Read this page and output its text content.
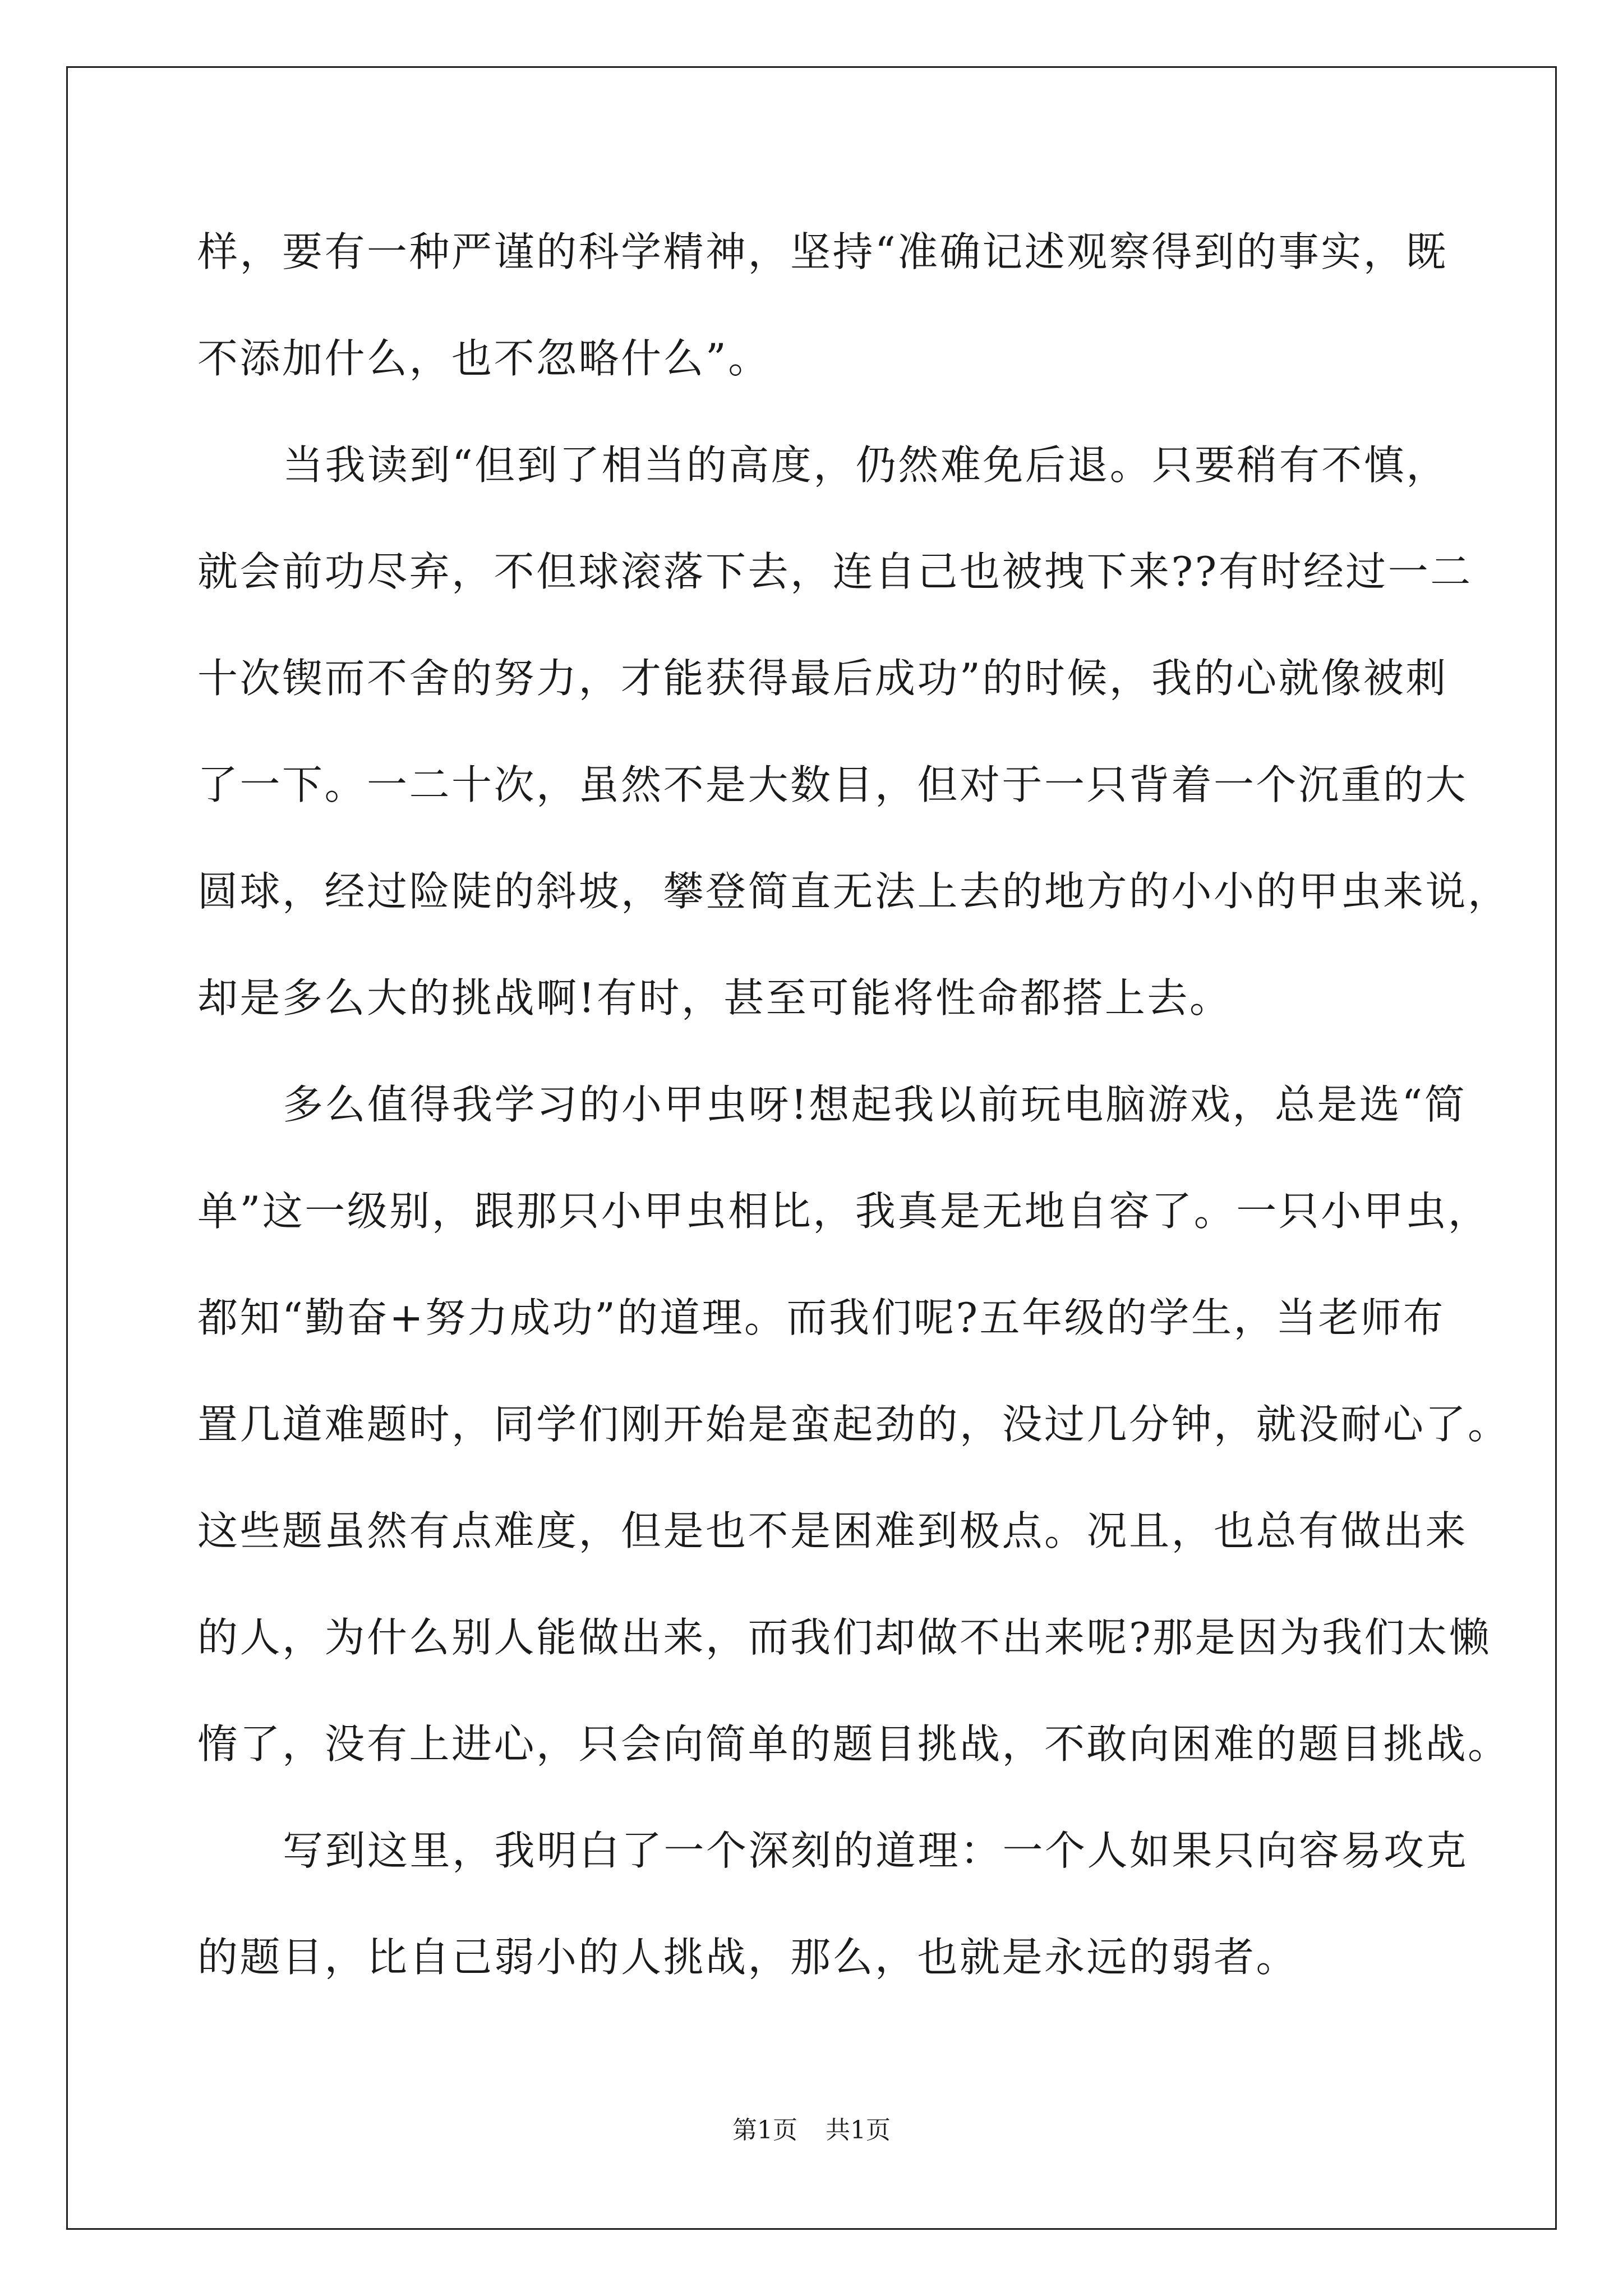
样，要有一种严谨的科学精神，坚持“准确记述观察得到的事实，既
不添加什么，也不忽略什么”。
当我读到“但到了相当的高度，仍然难免后退。只要稍有不慎，
就会前功尽弃，不但球滚落下去，连自己也被拽下来??有时经过一二
十次锲而不舍的努力，才能获得最后成功”的时候，我的心就像被刺
了一下。一二十次，虽然不是大数目，但对于一只背着一个沉重的大
圆球，经过险陡的斜坡，攀登简直无法上去的地方的小小的甲虫来说，
却是多么大的挑战啊!有时，甚至可能将性命都搭上去。
多么值得我学习的小甲虫呀!想起我以前玩电脑游戏，总是选“简
单”这一级别，跟那只小甲虫相比，我真是无地自容了。一只小甲虫，
都知“勤奋+努力成功”的道理。而我们呢?五年级的学生，当老师布
置几道难题时，同学们刚开始是蛮起劲的，没过几分钟，就没耐心了。
这些题虽然有点难度，但是也不是困难到极点。况且，也总有做出来
的人，为什么别人能做出来，而我们却做不出来呢?那是因为我们太懒
惰了，没有上进心，只会向简单的题目挑战，不敢向困难的题目挑战。
写到这里，我明白了一个深刻的道理：一个人如果只向容易攻克
的题目，比自己弱小的人挑战，那么，也就是永远的弱者。
第1页 共1页
